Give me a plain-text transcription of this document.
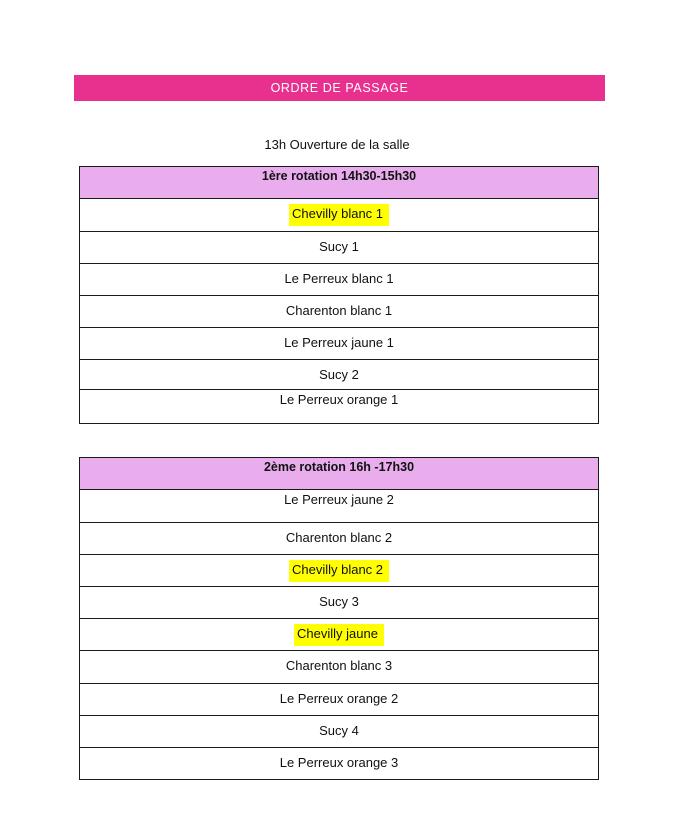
ORDRE DE PASSAGE
13h Ouverture de la salle
1ère rotation 14h30-15h30

Chevilly blanc 1

Sucy 1

Le Perreux blanc 1

Charenton blanc 1

Le Perreux jaune 1

Sucy 2

Le Perreux orange 1
2ème rotation 16h -17h30

Le Perreux jaune 2

Charenton blanc 2

Chevilly blanc 2

Sucy 3

Chevilly jaune

Charenton blanc 3

Le Perreux orange 2

Sucy 4

Le Perreux orange 3
